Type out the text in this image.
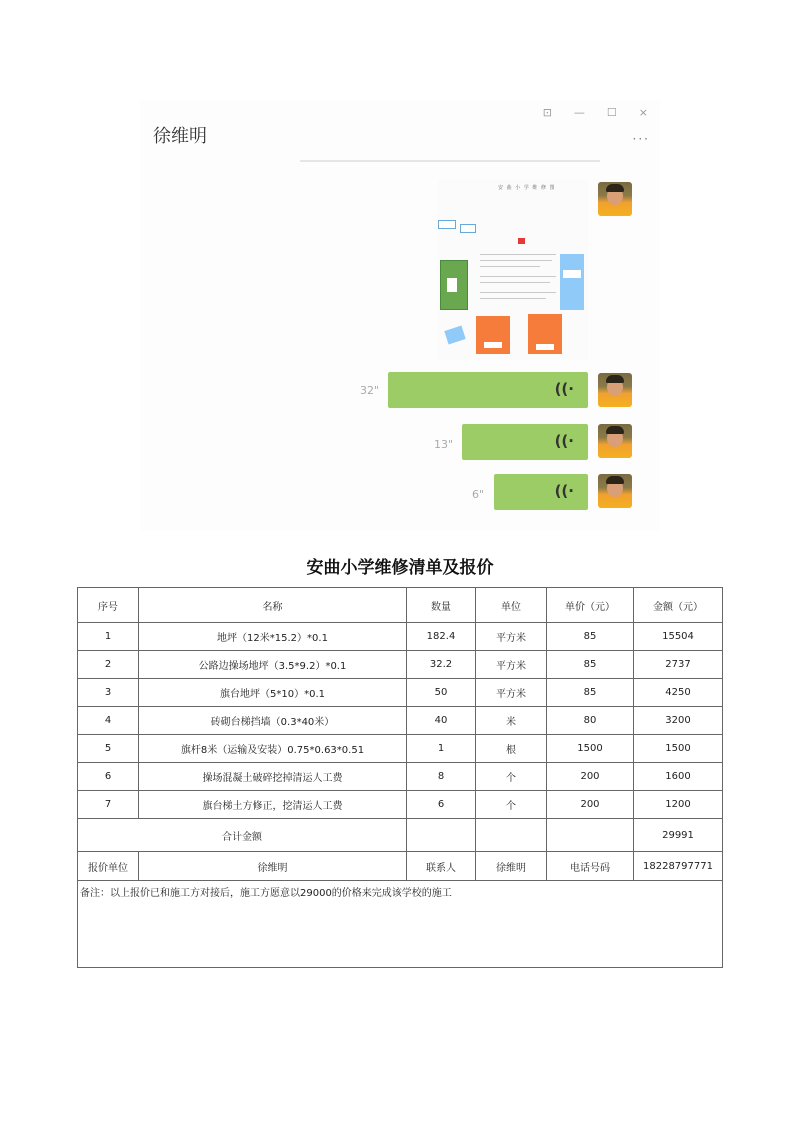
徐维明
⊡ — ☐ ×
···
安 曲 小 学 维 修 图
32"	((·
13"	((·
6"	((·
安曲小学维修清单及报价
序号	名称	数量	单位	单价（元）	金额（元）
1	地坪（12米*15.2）*0.1	182.4	平方米	85	15504
2	公路边操场地坪（3.5*9.2）*0.1	32.2	平方米	85	2737
3	旗台地坪（5*10）*0.1	50	平方米	85	4250
4	砖砌台梯挡墙（0.3*40米）	40	米	80	3200
5	旗杆8米（运输及安装）0.75*0.63*0.51	1	根	1500	1500
6	操场混凝土破碎挖掉清运人工费	8	个	200	1600
7	旗台梯土方修正，挖清运人工费	6	个	200	1200
合计金额					29991
报价单位	徐维明	联系人	徐维明	电话号码	18228797771
备注：以上报价已和施工方对接后，施工方愿意以29000的价格来完成该学校的施工					
